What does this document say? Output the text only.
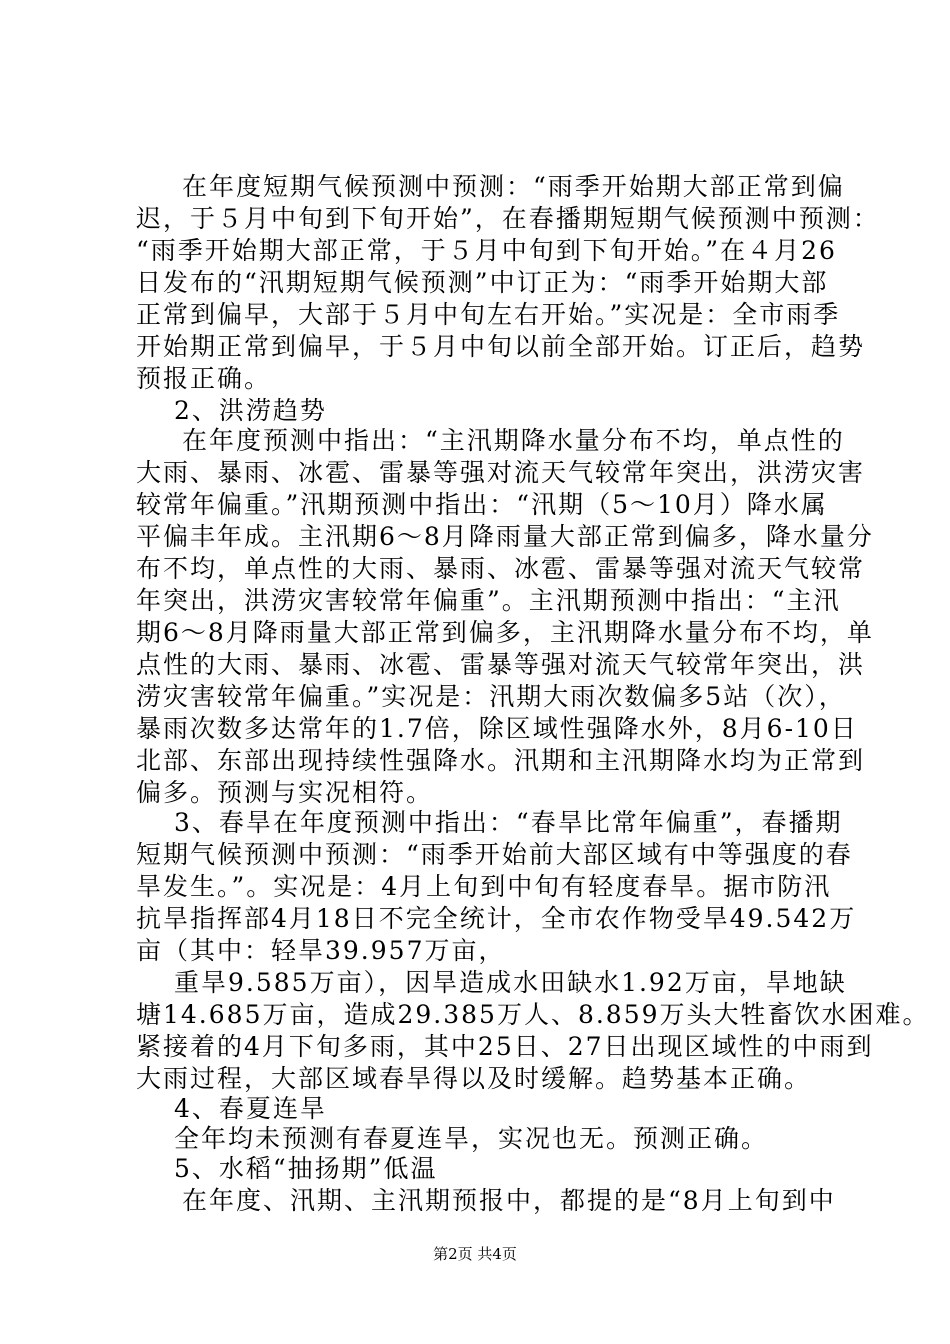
在年度短期气候预测中预测：“雨季开始期大部正常到偏
迟，于５月中旬到下旬开始”，在春播期短期气候预测中预测：
“雨季开始期大部正常，于５月中旬到下旬开始。”在４月26
日发布的“汛期短期气候预测”中订正为：“雨季开始期大部
正常到偏早，大部于５月中旬左右开始。”实况是：全市雨季
开始期正常到偏早，于５月中旬以前全部开始。订正后，趋势
预报正确。
2、洪涝趋势
在年度预测中指出：“主汛期降水量分布不均，单点性的
大雨、暴雨、冰雹、雷暴等强对流天气较常年突出，洪涝灾害
较常年偏重。”汛期预测中指出：“汛期（5～10月）降水属
平偏丰年成。主汛期6～8月降雨量大部正常到偏多，降水量分
布不均，单点性的大雨、暴雨、冰雹、雷暴等强对流天气较常
年突出，洪涝灾害较常年偏重”。主汛期预测中指出：“主汛
期6～8月降雨量大部正常到偏多，主汛期降水量分布不均，单
点性的大雨、暴雨、冰雹、雷暴等强对流天气较常年突出，洪
涝灾害较常年偏重。”实况是：汛期大雨次数偏多5站（次），
暴雨次数多达常年的1.7倍，除区域性强降水外，8月6-10日
北部、东部出现持续性强降水。汛期和主汛期降水均为正常到
偏多。预测与实况相符。
3、春旱在年度预测中指出：“春旱比常年偏重”，春播期
短期气候预测中预测：“雨季开始前大部区域有中等强度的春
旱发生。”。实况是：4月上旬到中旬有轻度春旱。据市防汛
抗旱指挥部4月18日不完全统计，全市农作物受旱49.542万
亩（其中：轻旱39.957万亩，
重旱9.585万亩），因旱造成水田缺水1.92万亩，旱地缺
塘14.685万亩，造成29.385万人、8.859万头大牲畜饮水困难。
紧接着的4月下旬多雨，其中25日、27日出现区域性的中雨到
大雨过程，大部区域春旱得以及时缓解。趋势基本正确。
4、春夏连旱
全年均未预测有春夏连旱，实况也无。预测正确。
5、水稻“抽扬期”低温
在年度、汛期、主汛期预报中，都提的是“8月上旬到中
第2页 共4页
